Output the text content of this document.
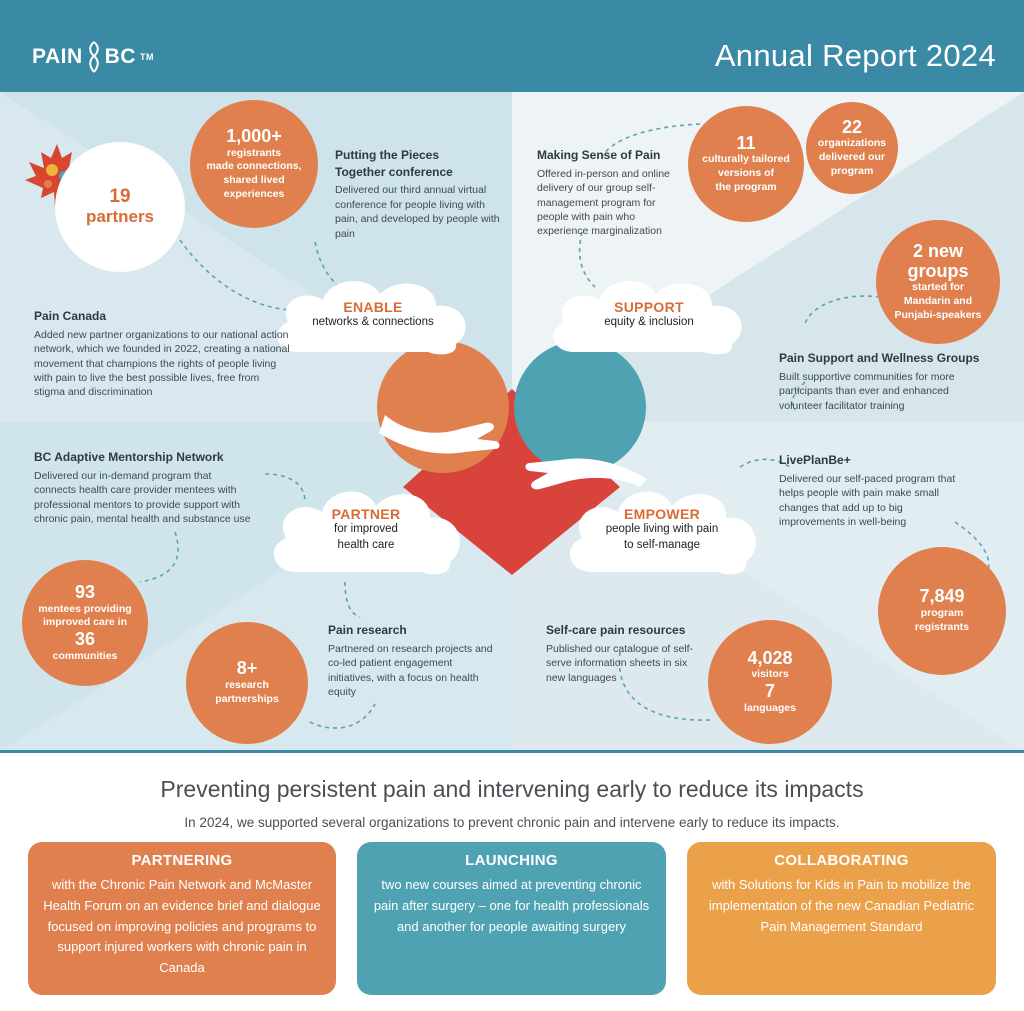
PAIN BC TM	Annual Report 2024
19
partners
1,000+
registrants
made connections,
shared lived
experiences
11
culturally tailored
versions of
the program
22
organizations
delivered our
program
2 new
groups
started for
Mandarin and
Punjabi-speakers
93
mentees providing
improved care in
36
communities
8+
research
partnerships
4,028
visitors
7
languages
7,849
program
registrants
ENABLE
networks & connections
SUPPORT
equity & inclusion
PARTNER
for improved
health care
EMPOWER
people living with pain
to self-manage
Putting the Pieces
Together conference
Delivered our third annual virtual conference for people living with pain, and developed by people with pain
Making Sense of Pain
Offered in-person and online delivery of our group self-management program for people with pain who experience marginalization
Pain Canada
Added new partner organizations to our national action network, which we founded in 2022, creating a national movement that champions the rights of people living with pain to live the best possible lives, free from stigma and discrimination
Pain Support and Wellness Groups
Built supportive communities for more participants than ever and enhanced volunteer facilitator training
BC Adaptive Mentorship Network
Delivered our in-demand program that connects health care provider mentees with professional mentors to provide support with chronic pain, mental health and substance use
LivePlanBe+
Delivered our self-paced program that helps people with pain make small changes that add up to big improvements in well-being
Pain research
Partnered on research projects and co-led patient engagement initiatives, with a focus on health equity
Self-care pain resources
Published our catalogue of self-serve information sheets in six new languages
Preventing persistent pain and intervening early to reduce its impacts
In 2024, we supported several organizations to prevent chronic pain and intervene early to reduce its impacts.
PARTNERING
with the Chronic Pain Network and McMaster Health Forum on an evidence brief and dialogue focused on improving policies and programs to support injured workers with chronic pain in Canada
LAUNCHING
two new courses aimed at preventing chronic pain after surgery – one for health professionals and another for people awaiting surgery
COLLABORATING
with Solutions for Kids in Pain to mobilize the implementation of the new Canadian Pediatric Pain Management Standard
